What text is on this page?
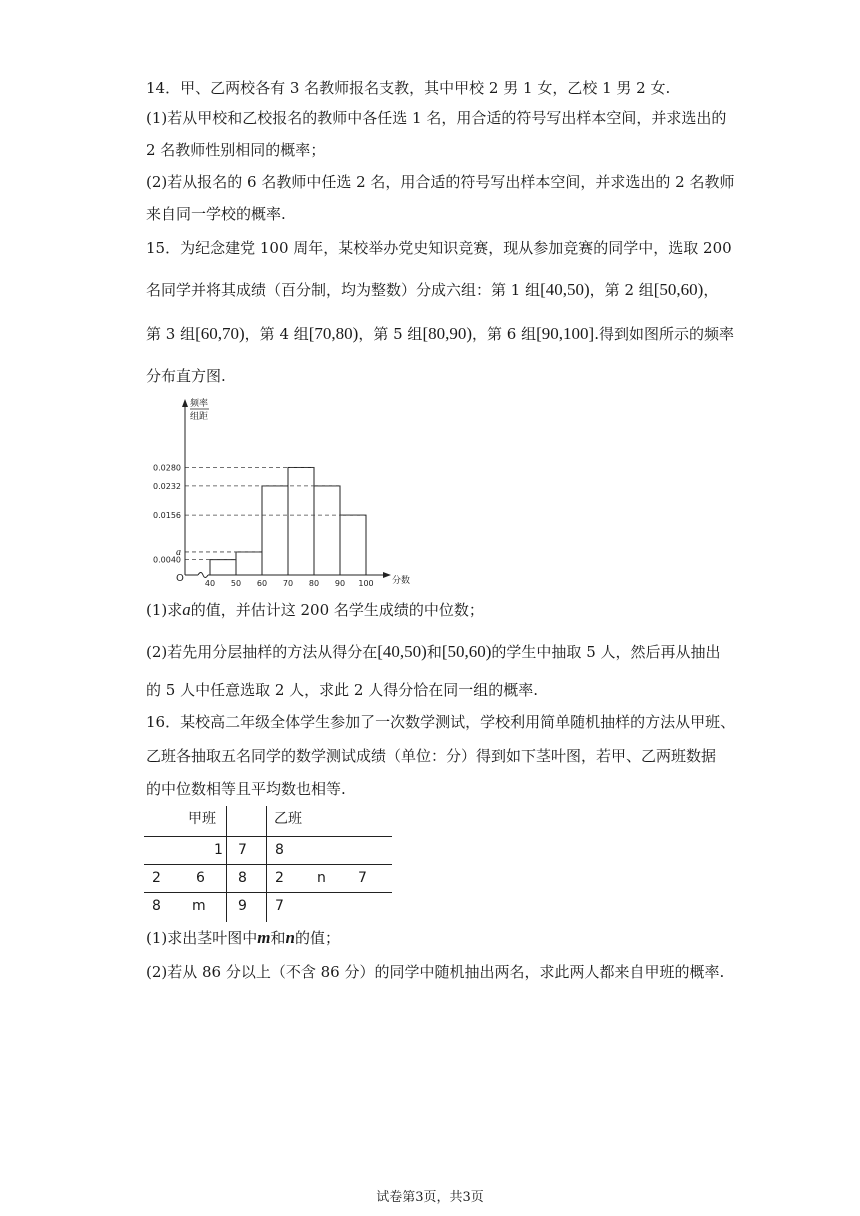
14．甲、乙两校各有 3 名教师报名支教，其中甲校 2 男 1 女，乙校 1 男 2 女.
(1)若从甲校和乙校报名的教师中各任选 1 名，用合适的符号写出样本空间，并求选出的
2 名教师性别相同的概率；
(2)若从报名的 6 名教师中任选 2 名，用合适的符号写出样本空间，并求选出的 2 名教师
来自同一学校的概率.
15．为纪念建党 100 周年，某校举办党史知识竞赛，现从参加竞赛的同学中，选取 200
名同学并将其成绩（百分制，均为整数）分成六组：第 1 组[40,50)，第 2 组[50,60)，
第 3 组[60,70)，第 4 组[70,80)，第 5 组[80,90)，第 6 组[90,100].得到如图所示的频率
分布直方图.
0.0040
a
0.0156
0.0232
0.0280
40 50 60 70 80 90 100
O
频率
组距
分数
(1)求a的值，并估计这 200 名学生成绩的中位数；
(2)若先用分层抽样的方法从得分在[40,50)和[50,60)的学生中抽取 5 人，然后再从抽出
的 5 人中任意选取 2 人，求此 2 人得分恰在同一组的概率.
16．某校高二年级全体学生参加了一次数学测试，学校利用简单随机抽样的方法从甲班、
乙班各抽取五名同学的数学测试成绩（单位：分）得到如下茎叶图，若甲、乙两班数据
的中位数相等且平均数也相等.
甲班	乙班
1 7 8
2	6 8 2 n 7
8 m 9 7
(1)求出茎叶图中m和n的值；
(2)若从 86 分以上（不含 86 分）的同学中随机抽出两名，求此两人都来自甲班的概率.
试卷第3页，共3页
